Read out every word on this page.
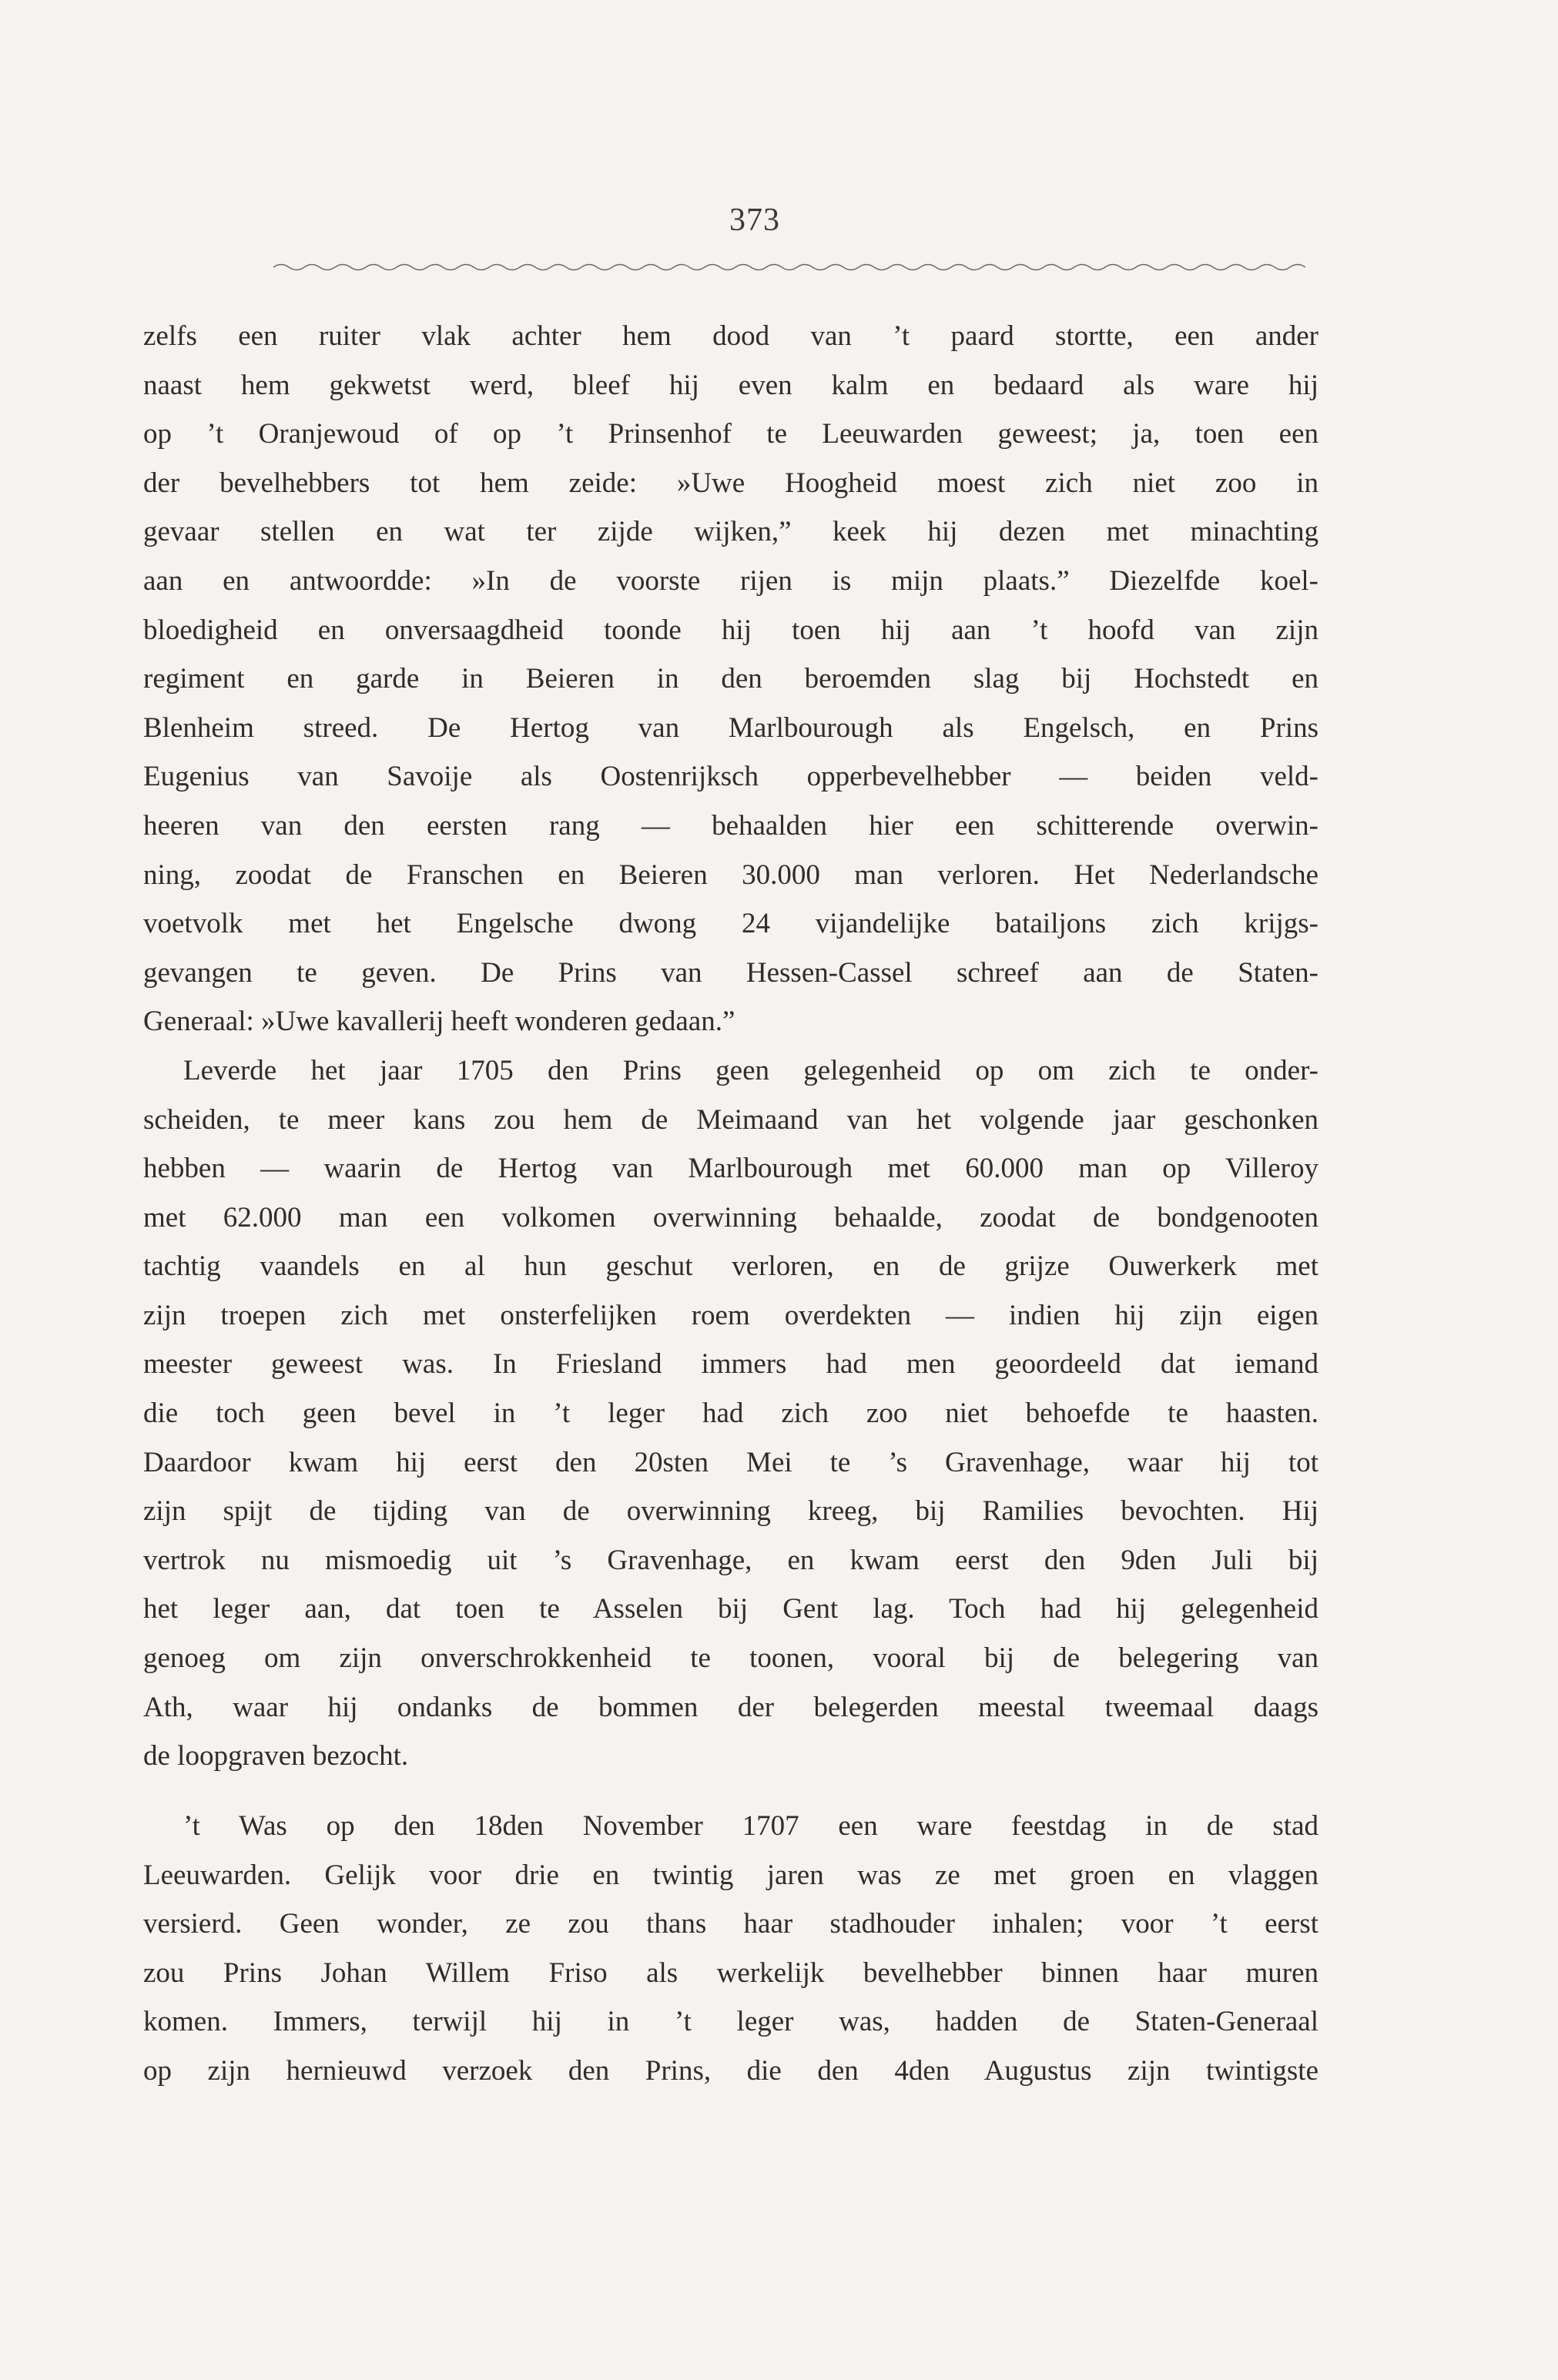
373
zelfs een ruiter vlak achter hem dood van ’t paard stortte, een ander
naast hem gekwetst werd, bleef hij even kalm en bedaard als ware hij
op ’t Oranjewoud of op ’t Prinsenhof te Leeuwarden geweest; ja, toen een
der bevelhebbers tot hem zeide: »Uwe Hoogheid moest zich niet zoo in
gevaar stellen en wat ter zijde wijken,” keek hij dezen met minachting
aan en antwoordde: »In de voorste rijen is mijn plaats.” Diezelfde koel-
bloedigheid en onversaagdheid toonde hij toen hij aan ’t hoofd van zijn
regiment en garde in Beieren in den beroemden slag bij Hochstedt en
Blenheim streed. De Hertog van Marlbourough als Engelsch, en Prins
Eugenius van Savoije als Oostenrijksch opperbevelhebber — beiden veld-
heeren van den eersten rang — behaalden hier een schitterende overwin-
ning, zoodat de Franschen en Beieren 30.000 man verloren. Het Nederlandsche
voetvolk met het Engelsche dwong 24 vijandelijke batailjons zich krijgs-
gevangen te geven. De Prins van Hessen-Cassel schreef aan de Staten-
Generaal: »Uwe kavallerij heeft wonderen gedaan.”
Leverde het jaar 1705 den Prins geen gelegenheid op om zich te onder-
scheiden, te meer kans zou hem de Meimaand van het volgende jaar geschonken
hebben — waarin de Hertog van Marlbourough met 60.000 man op Villeroy
met 62.000 man een volkomen overwinning behaalde, zoodat de bondgenooten
tachtig vaandels en al hun geschut verloren, en de grijze Ouwerkerk met
zijn troepen zich met onsterfelijken roem overdekten — indien hij zijn eigen
meester geweest was. In Friesland immers had men geoordeeld dat iemand
die toch geen bevel in ’t leger had zich zoo niet behoefde te haasten.
Daardoor kwam hij eerst den 20sten Mei te ’s Gravenhage, waar hij tot
zijn spijt de tijding van de overwinning kreeg, bij Ramilies bevochten. Hij
vertrok nu mismoedig uit ’s Gravenhage, en kwam eerst den 9den Juli bij
het leger aan, dat toen te Asselen bij Gent lag. Toch had hij gelegenheid
genoeg om zijn onverschrokkenheid te toonen, vooral bij de belegering van
Ath, waar hij ondanks de bommen der belegerden meestal tweemaal daags
de loopgraven bezocht.
’t Was op den 18den November 1707 een ware feestdag in de stad
Leeuwarden. Gelijk voor drie en twintig jaren was ze met groen en vlaggen
versierd. Geen wonder, ze zou thans haar stadhouder inhalen; voor ’t eerst
zou Prins Johan Willem Friso als werkelijk bevelhebber binnen haar muren
komen. Immers, terwijl hij in ’t leger was, hadden de Staten-Generaal
op zijn hernieuwd verzoek den Prins, die den 4den Augustus zijn twintigste
